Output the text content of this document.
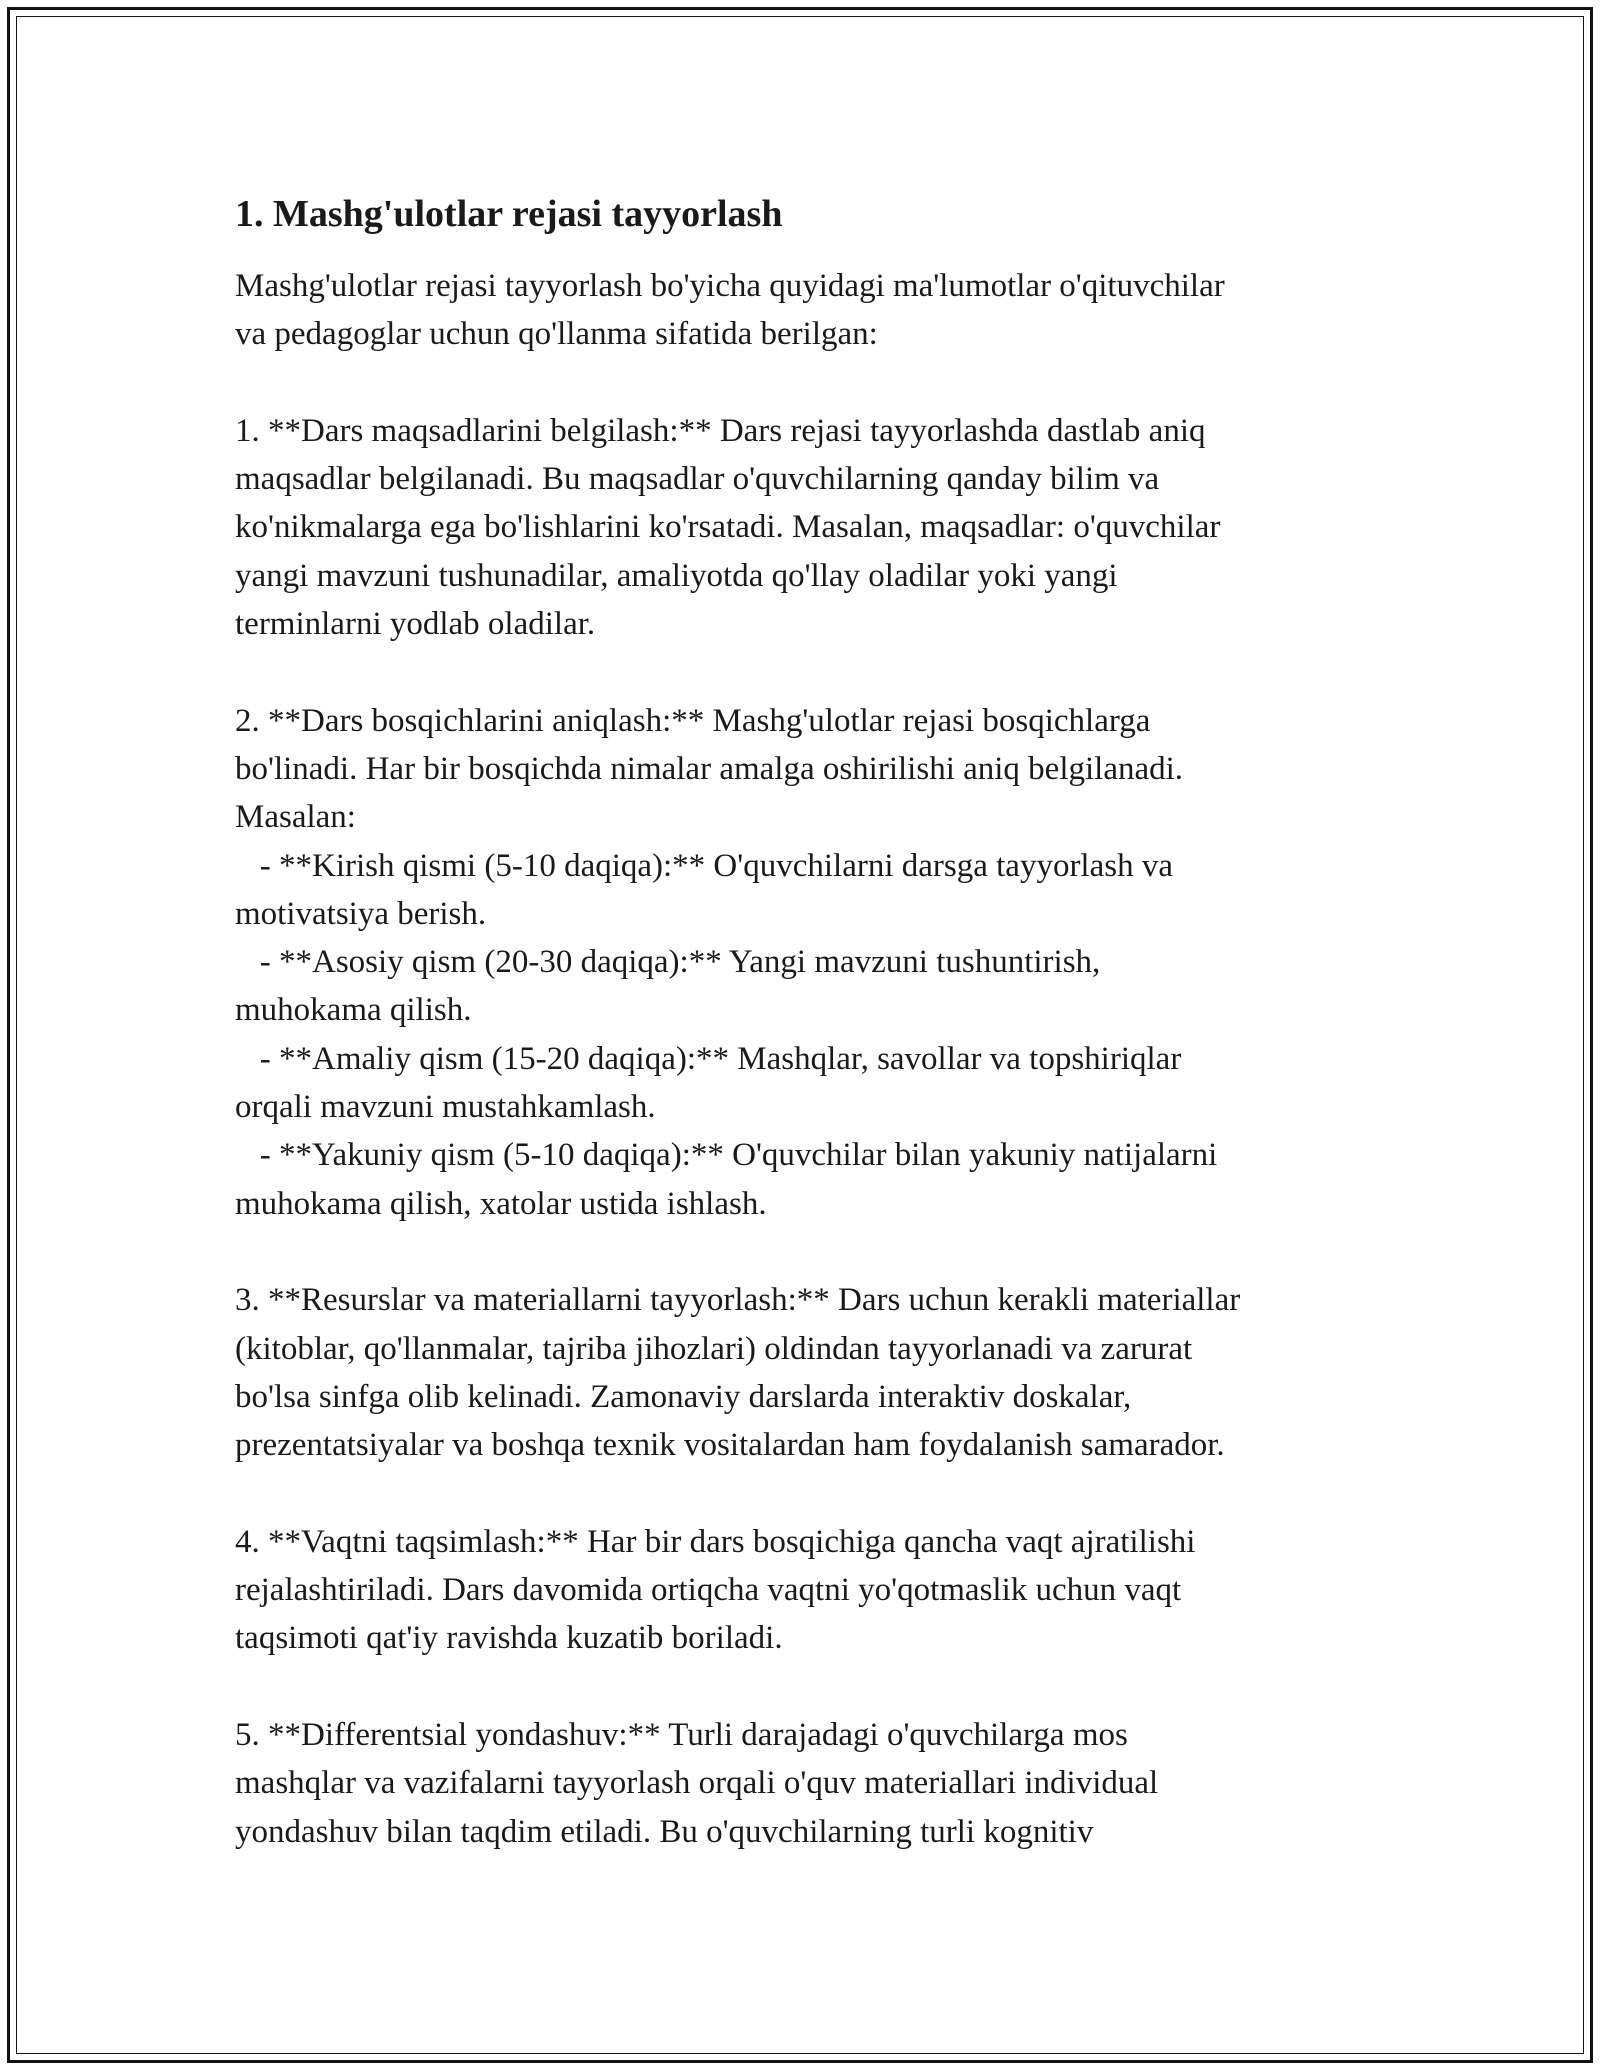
1. Mashg'ulotlar rejasi tayyorlash
Mashg'ulotlar rejasi tayyorlash bo'yicha quyidagi ma'lumotlar o'qituvchilar
va pedagoglar uchun qo'llanma sifatida berilgan:
1. **Dars maqsadlarini belgilash:** Dars rejasi tayyorlashda dastlab aniq
maqsadlar belgilanadi. Bu maqsadlar o'quvchilarning qanday bilim va
ko'nikmalarga ega bo'lishlarini ko'rsatadi. Masalan, maqsadlar: o'quvchilar
yangi mavzuni tushunadilar, amaliyotda qo'llay oladilar yoki yangi
terminlarni yodlab oladilar.
2. **Dars bosqichlarini aniqlash:** Mashg'ulotlar rejasi bosqichlarga
bo'linadi. Har bir bosqichda nimalar amalga oshirilishi aniq belgilanadi.
Masalan:
- **Kirish qismi (5-10 daqiqa):** O'quvchilarni darsga tayyorlash va
motivatsiya berish.
- **Asosiy qism (20-30 daqiqa):** Yangi mavzuni tushuntirish,
muhokama qilish.
- **Amaliy qism (15-20 daqiqa):** Mashqlar, savollar va topshiriqlar
orqali mavzuni mustahkamlash.
- **Yakuniy qism (5-10 daqiqa):** O'quvchilar bilan yakuniy natijalarni
muhokama qilish, xatolar ustida ishlash.
3. **Resurslar va materiallarni tayyorlash:** Dars uchun kerakli materiallar
(kitoblar, qo'llanmalar, tajriba jihozlari) oldindan tayyorlanadi va zarurat
bo'lsa sinfga olib kelinadi. Zamonaviy darslarda interaktiv doskalar,
prezentatsiyalar va boshqa texnik vositalardan ham foydalanish samarador.
4. **Vaqtni taqsimlash:** Har bir dars bosqichiga qancha vaqt ajratilishi
rejalashtiriladi. Dars davomida ortiqcha vaqtni yo'qotmaslik uchun vaqt
taqsimoti qat'iy ravishda kuzatib boriladi.
5. **Differentsial yondashuv:** Turli darajadagi o'quvchilarga mos
mashqlar va vazifalarni tayyorlash orqali o'quv materiallari individual
yondashuv bilan taqdim etiladi. Bu o'quvchilarning turli kognitiv
